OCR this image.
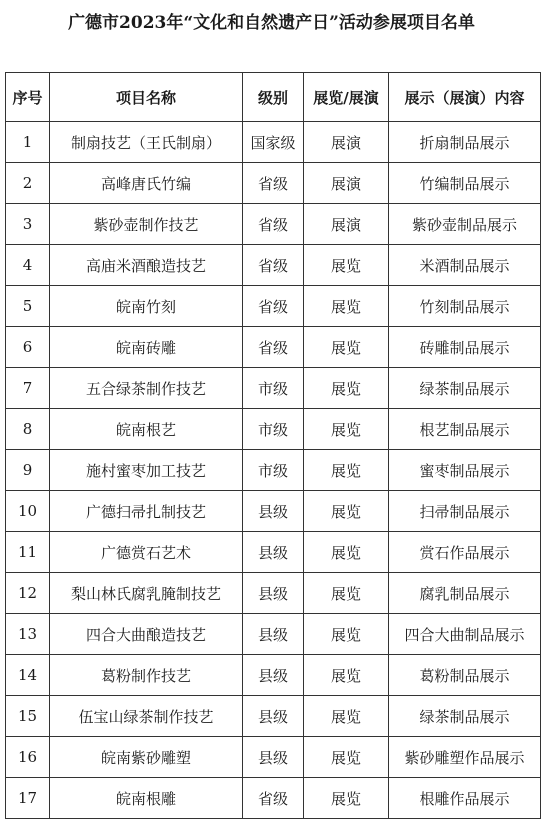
广德市2023年“文化和自然遗产日”活动参展项目名单
序号	项目名称	级别	展览/展演	展示（展演）内容
1	制扇技艺（王氏制扇）	国家级	展演	折扇制品展示
2	高峰唐氏竹编	省级	展演	竹编制品展示
3	紫砂壶制作技艺	省级	展演	紫砂壶制品展示
4	高庙米酒酿造技艺	省级	展览	米酒制品展示
5	皖南竹刻	省级	展览	竹刻制品展示
6	皖南砖雕	省级	展览	砖雕制品展示
7	五合绿茶制作技艺	市级	展览	绿茶制品展示
8	皖南根艺	市级	展览	根艺制品展示
9	施村蜜枣加工技艺	市级	展览	蜜枣制品展示
10	广德扫帚扎制技艺	县级	展览	扫帚制品展示
11	广德赏石艺术	县级	展览	赏石作品展示
12	梨山林氏腐乳腌制技艺	县级	展览	腐乳制品展示
13	四合大曲酿造技艺	县级	展览	四合大曲制品展示
14	葛粉制作技艺	县级	展览	葛粉制品展示
15	伍宝山绿茶制作技艺	县级	展览	绿茶制品展示
16	皖南紫砂雕塑	县级	展览	紫砂雕塑作品展示
17	皖南根雕	省级	展览	根雕作品展示
